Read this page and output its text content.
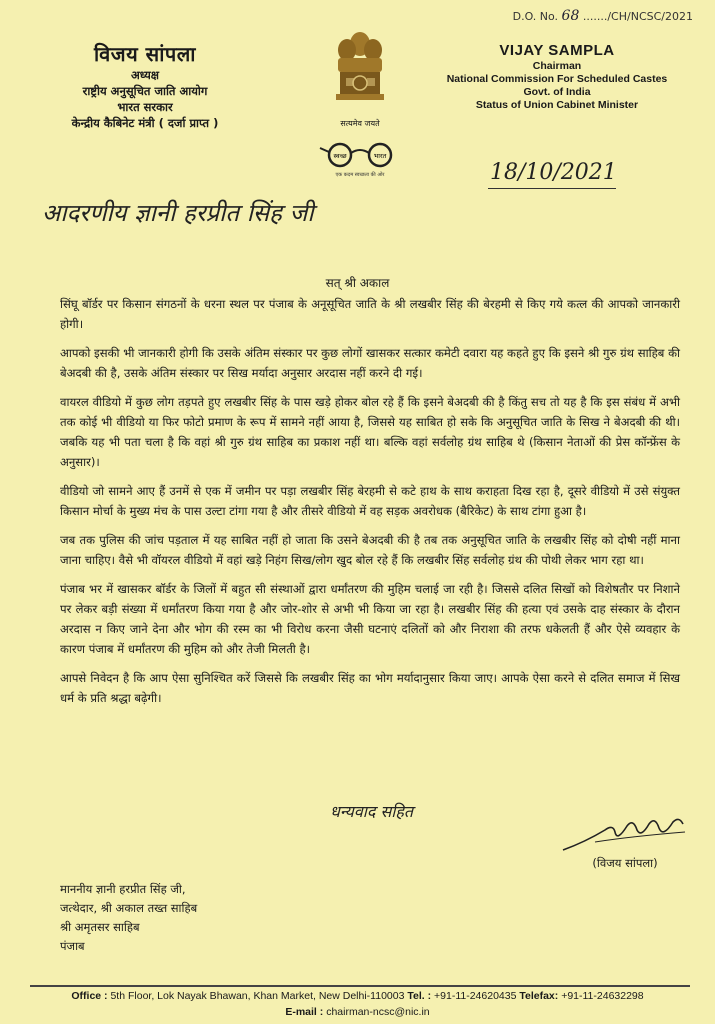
D.O. No. 68 ......./CH/NCSC/2021
विजय सांपला
अध्यक्ष
राष्ट्रीय अनुसूचित जाति आयोग
भारत सरकार
केन्द्रीय कैबिनेट मंत्री ( दर्जा प्राप्त )	सत्यमेव जयते
VIJAY SAMPLA
Chairman
National Commission For Scheduled Castes
Govt. of India
Status of Union Cabinet Minister
स्वच्छ	भारत
एक कदम स्वच्छता की ओर	18/10/2021
आदरणीय ज्ञानी हरप्रीत सिंह जी
सत् श्री अकाल

सिंघू बॉर्डर पर किसान संगठनों के धरना स्थल पर पंजाब के अनूसूचित जाति के श्री लखबीर सिंह की बेरहमी से किए गये कत्ल की आपको जानकारी होगी।

आपको इसकी भी जानकारी होगी कि उसके अंतिम संस्कार पर कुछ लोगों खासकर सत्कार कमेटी दवारा यह कहते हुए कि इसने श्री गुरु ग्रंथ साहिब की बेअदबी की है, उसके अंतिम संस्कार पर सिख मर्यादा अनुसार अरदास नहीं करने दी गई।

वायरल वीडियो में कुछ लोग तड़पते हुए लखबीर सिंह के पास खड़े होकर बोल रहे हैं कि इसने बेअदबी की है किंतु सच तो यह है कि इस संबंध में अभी तक कोई भी वीडियो या फिर फोटो प्रमाण के रूप में सामने नहीं आया है, जिससे यह साबित हो सके कि अनुसूचित जाति के सिख ने बेअदबी की थी। जबकि यह भी पता चला है कि वहां श्री गुरु ग्रंथ साहिब का प्रकाश नहीं था। बल्कि वहां सर्वलोह ग्रंथ साहिब थे (किसान नेताओं की प्रेस कॉन्फ्रेंस के अनुसार)।

वीडियो जो सामने आए हैं उनमें से एक में जमीन पर पड़ा लखबीर सिंह बेरहमी से कटे हाथ के साथ कराहता दिख रहा है, दूसरे वीडियो में उसे संयुक्त किसान मोर्चा के मुख्य मंच के पास उल्टा टांगा गया है और तीसरे वीडियो में वह सड़क अवरोधक (बैरिकेट) के साथ टांगा हुआ है।

जब तक पुलिस की जांच पड़ताल में यह साबित नहीं हो जाता कि उसने बेअदबी की है तब तक अनुसूचित जाति के लखबीर सिंह को दोषी नहीं माना जाना चाहिए। वैसे भी वॉयरल वीडियो में वहां खड़े निहंग सिख/लोग खुद बोल रहे हैं कि लखबीर सिंह सर्वलोह ग्रंथ की पोथी लेकर भाग रहा था।

पंजाब भर में खासकर बॉर्डर के जिलों में बहुत सी संस्थाओं द्वारा धर्मांतरण की मुहिम चलाई जा रही है। जिससे दलित सिखों को विशेषतौर पर निशाने पर लेकर बड़ी संख्या में धर्मांतरण किया गया है और जोर-शोर से अभी भी किया जा रहा है। लखबीर सिंह की हत्या एवं उसके दाह संस्कार के दौरान अरदास न किए जाने देना और भोग की रस्म का भी विरोध करना जैसी घटनाएं दलितों को और निराशा की तरफ धकेलती हैं और ऐसे व्यवहार के कारण पंजाब में धर्मांतरण की मुहिम को और तेजी मिलती है।

आपसे निवेदन है कि आप ऐसा सुनिश्चित करें जिससे कि लखबीर सिंह का भोग मर्यादानुसार किया जाए। आपके ऐसा करने से दलित समाज में सिख धर्म के प्रति श्रद्धा बढ़ेगी।

धन्यवाद सहित
(विजय सांपला)
माननीय ज्ञानी हरप्रीत सिंह जी,
जत्थेदार, श्री अकाल तख्त साहिब
श्री अमृतसर साहिब
पंजाब
Office : 5th Floor, Lok Nayak Bhawan, Khan Market, New Delhi-110003 Tel. : +91-11-24620435 Telefax: +91-11-24632298
E-mail : chairman-ncsc@nic.in
